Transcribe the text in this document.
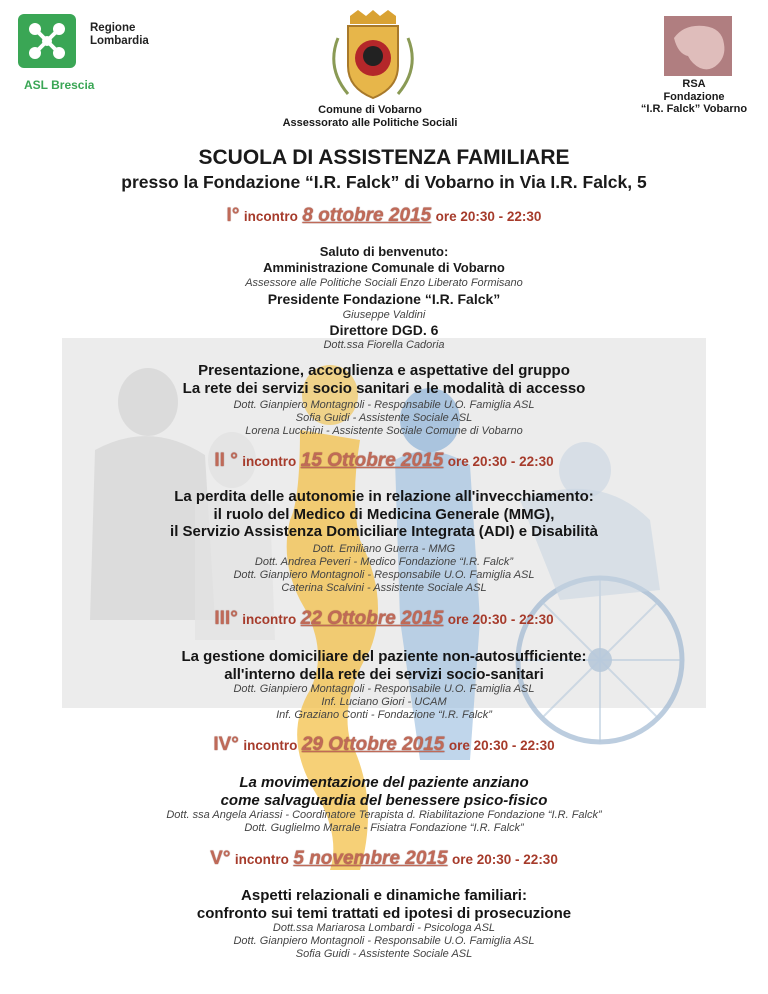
Regione
Lombardia
ASL Brescia
Comune di Vobarno
Assessorato alle Politiche Sociali
RSA
Fondazione
“I.R. Falck” Vobarno
SCUOLA DI ASSISTENZA FAMILIARE
presso la Fondazione “I.R. Falck” di Vobarno in Via I.R. Falck, 5
I° incontro 8 ottobre 2015 ore 20:30 - 22:30
Saluto di benvenuto:
Amministrazione Comunale di Vobarno
Assessore alle Politiche Sociali Enzo Liberato Formisano
Presidente Fondazione “I.R. Falck”
Giuseppe Valdini
Direttore DGD. 6
Dott.ssa Fiorella Cadoria
Presentazione, accoglienza e aspettative del gruppo
La rete dei servizi socio sanitari e le modalità di accesso
Dott. Gianpiero Montagnoli - Responsabile U.O. Famiglia ASL
Sofia Guidi - Assistente Sociale ASL
Lorena Lucchini - Assistente Sociale Comune di Vobarno
II ° incontro 15 Ottobre 2015 ore 20:30 - 22:30
La perdita delle autonomie in relazione all'invecchiamento:
il ruolo del Medico di Medicina Generale (MMG),
il Servizio Assistenza Domiciliare Integrata (ADI) e Disabilità
Dott. Emiliano Guerra - MMG
Dott. Andrea Peveri - Medico Fondazione “I.R. Falck”
Dott. Gianpiero Montagnoli - Responsabile U.O. Famiglia ASL
Caterina Scalvini - Assistente Sociale ASL
III° incontro 22 Ottobre 2015 ore 20:30 - 22:30
La gestione domiciliare del paziente non-autosufficiente:
all'interno della rete dei servizi socio-sanitari
Dott. Gianpiero Montagnoli - Responsabile U.O. Famiglia ASL
Inf. Luciano Giori - UCAM
Inf. Graziano Conti - Fondazione “I.R. Falck”
IV° incontro 29 Ottobre 2015 ore 20:30 - 22:30
La movimentazione del paziente anziano
come salvaguardia del benessere psico-fisico
Dott. ssa Angela Ariassi - Coordinatore Terapista d. Riabilitazione Fondazione “I.R. Falck”
Dott. Guglielmo Marrale - Fisiatra Fondazione “I.R. Falck”
V° incontro 5 novembre 2015 ore 20:30 - 22:30
Aspetti relazionali e dinamiche familiari:
confronto sui temi trattati ed ipotesi di prosecuzione
Dott.ssa Mariarosa Lombardi - Psicologa ASL
Dott. Gianpiero Montagnoli - Responsabile U.O. Famiglia ASL
Sofia Guidi - Assistente Sociale ASL
